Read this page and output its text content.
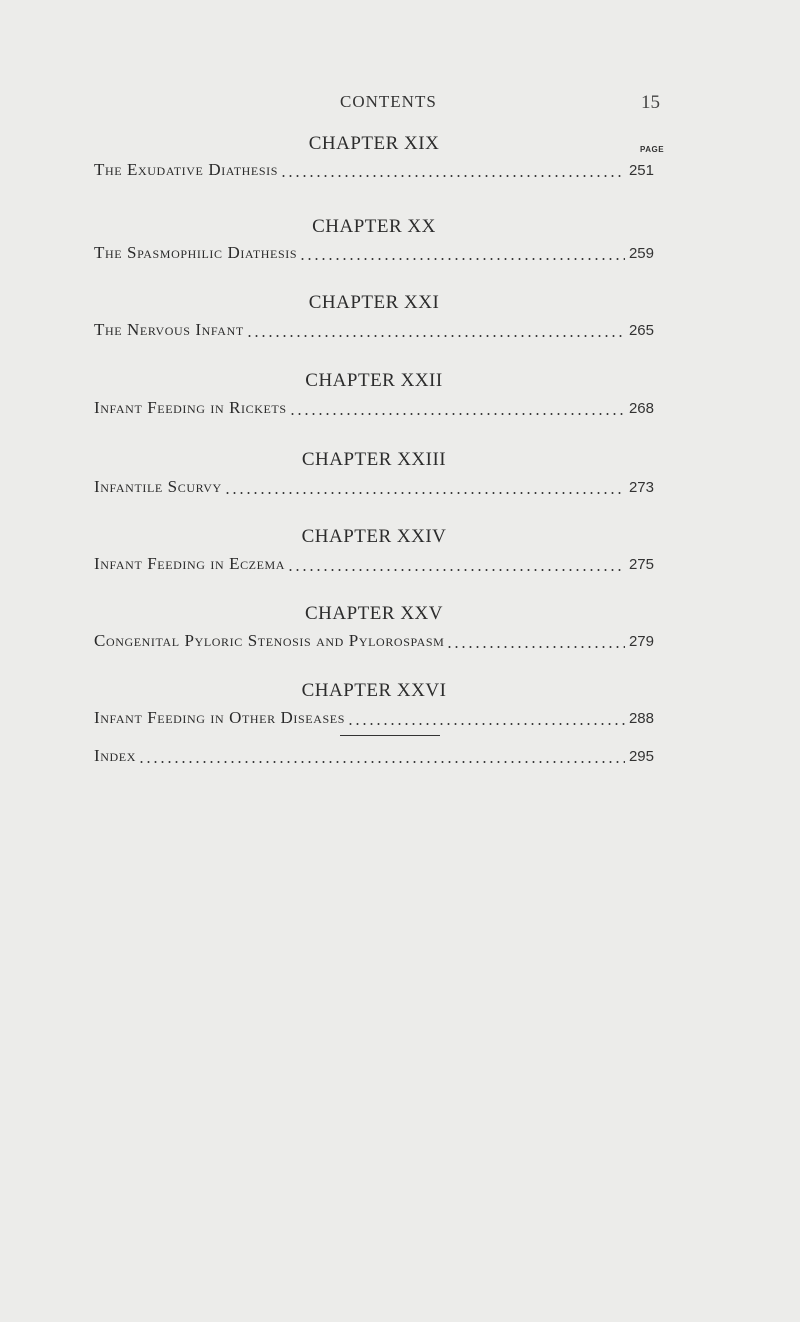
CONTENTS	15
CHAPTER XIX	PAGE
The Exudative Diathesis	251
CHAPTER XX
The Spasmophilic Diathesis	259
CHAPTER XXI
The Nervous Infant	265
CHAPTER XXII
Infant Feeding in Rickets	268
CHAPTER XXIII
Infantile Scurvy	273
CHAPTER XXIV
Infant Feeding in Eczema	275
CHAPTER XXV
Congenital Pyloric Stenosis and Pylorospasm	279
CHAPTER XXVI
Infant Feeding in Other Diseases	288
Index	295
